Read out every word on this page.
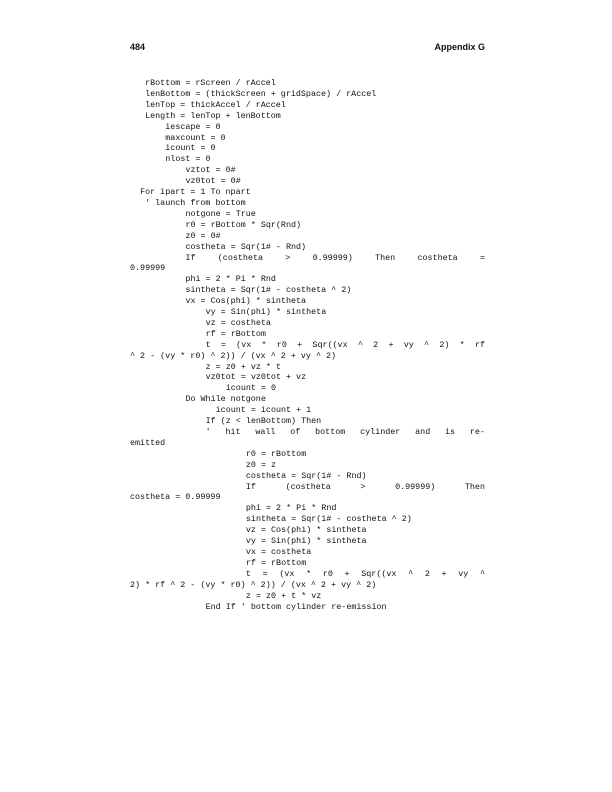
484	Appendix G
rBottom = rScreen / rAccel
lenBottom = (thickScreen + gridSpace) / rAccel
lenTop = thickAccel / rAccel
Length = lenTop + lenBottom
iescape = 0
maxcount = 0
icount = 0
nlost = 0
vztot = 0#
vz0tot = 0#
For ipart = 1 To npart
' launch from bottom
notgone = True
r0 = rBottom * Sqr(Rnd)
z0 = 0#
costheta = Sqr(1# - Rnd)
If (costheta > 0.99999) Then costheta =
0.99999
phi = 2 * Pi * Rnd
sintheta = Sqr(1# - costheta ^ 2)
vx = Cos(phi) * sintheta
vy = Sin(phi) * sintheta
vz = costheta
rf = rBottom
t = (vx * r0 + Sqr((vx ^ 2 + vy ^ 2) * rf
^ 2 - (vy * r0) ^ 2)) / (vx ^ 2 + vy ^ 2)
z = z0 + vz * t
vz0tot = vz0tot + vz
icount = 0
Do While notgone
icount = icount + 1
If (z < lenBottom) Then
' hit wall of bottom cylinder and is re-
emitted
r0 = rBottom
z0 = z
costheta = Sqr(1# - Rnd)
If (costheta > 0.99999) Then
costheta = 0.99999
phi = 2 * Pi * Rnd
sintheta = Sqr(1# - costheta ^ 2)
vz = Cos(phi) * sintheta
vy = Sin(phi) * sintheta
vx = costheta
rf = rBottom
t = (vx * r0 + Sqr((vx ^ 2 + vy ^
2) * rf ^ 2 - (vy * r0) ^ 2)) / (vx ^ 2 + vy ^ 2)
z = z0 + t * vz
End If ' bottom cylinder re-emission
